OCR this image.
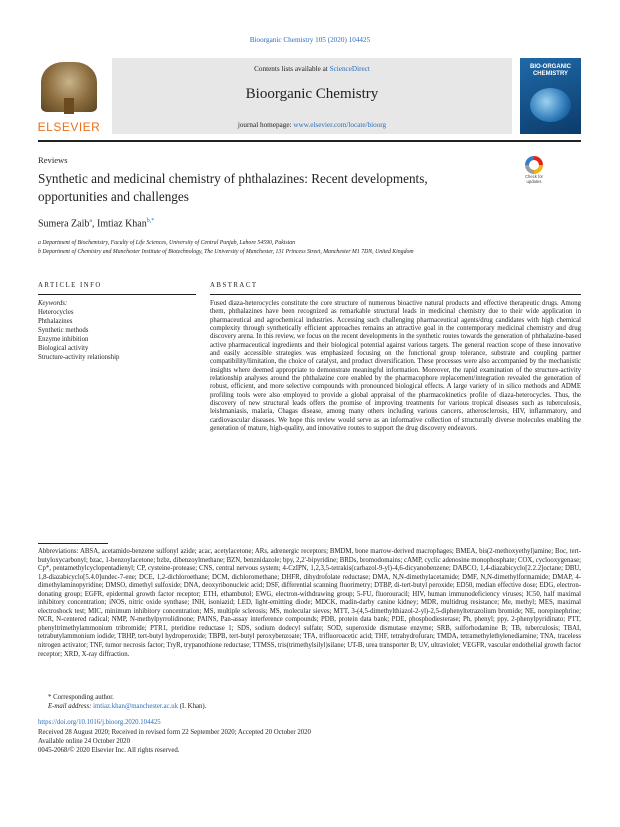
Bioorganic Chemistry 105 (2020) 104425
ELSEVIER
Contents lists available at ScienceDirect
Bioorganic Chemistry
journal homepage: www.elsevier.com/locate/bioorg
BIO-ORGANIC CHEMISTRY
Reviews
Synthetic and medicinal chemistry of phthalazines: Recent developments, opportunities and challenges
Check for updates
Sumera Zaib$^a$, Imtiaz Khan$^{b,*}$
a Department of Biochemistry, Faculty of Life Sciences, University of Central Punjab, Lahore 54590, Pakistan
b Department of Chemistry and Manchester Institute of Biotechnology, The University of Manchester, 131 Princess Street, Manchester M1 7DN, United Kingdom
ARTICLE INFO	ABSTRACT
Keywords:
Heterocycles
Phthalazines
Synthetic methods
Enzyme inhibition
Biological activity
Structure-activity relationship
Fused diaza-heterocycles constitute the core structure of numerous bioactive natural products and effective therapeutic drugs. Among them, phthalazines have been recognized as remarkable structural leads in medicinal chemistry due to their wide application in pharmaceutical and agrochemical industries. Accessing such challenging pharmaceutical agents/drug candidates with high chemical complexity through synthetically efficient approaches remains an attractive goal in the contemporary medicinal chemistry and drug discovery arena. In this review, we focus on the recent developments in the synthetic routes towards the generation of phthalazine-based active pharmaceutical ingredients and their biological potential against various targets. The general reaction scope of these innovative and easily accessible strategies was emphasized focusing on the functional group tolerance, substrate and coupling partner compatibility/limitation, the choice of catalyst, and product diversification. These processes were also accompanied by the mechanistic insights where deemed appropriate to demonstrate meaningful information. Moreover, the rapid examination of the structure-activity relationship analyses around the phthalazine core enabled by the pharmacophore replacement/integration revealed the generation of robust, efficient, and more selective compounds with pronounced biological effects. A large variety of in silico methods and ADME profiling tools were also employed to provide a global appraisal of the pharmacokinetics profile of diaza-heterocycles. Thus, the discovery of new structural leads offers the promise of improving treatments for various tropical diseases such as tuberculosis, leishmaniasis, malaria, Chagas disease, among many others including various cancers, atherosclerosis, HIV, inflammatory, and cardiovascular diseases. We hope this review would serve as an informative collection of structurally diverse molecules enabling the generation of mature, high-quality, and innovative routes to support the drug discovery endeavors.
Abbreviations: ABSA, acetamido-benzene sulfonyl azide; acac, acetylacetone; ARs, adrenergic receptors; BMDM, bone marrow-derived macrophages; BMEA, bis(2-methoxyethyl)amine; Boc, tert-butyloxycarbonyl; bzac, 1-benzoylacetone; bzbz, dibenzoylmethane; BZN, benznidazole; bpy, 2,2'-bipyridine; BRDs, bromodomains; cAMP, cyclic adenosine monophosphate; COX, cyclooxygenase; Cp*, pentamethylcyclopentadienyl; CP, cysteine-protease; CNS, central nervous system; 4-CzIPN, 1,2,3,5-tetrakis(carbazol-9-yl)-4,6-dicyanobenzene; DABCO, 1,4-diazabicyclo[2.2.2]octane; DBU, 1,8-diazabicyclo[5.4.0]undec-7-ene; DCE, 1,2-dichloroethane; DCM, dichloromethane; DHFR, dihydrofolate reductase; DMA, N,N-dimethylacetamide; DMF, N,N-dimethylformamide; DMAP, 4-dimethylaminopyridine; DMSO, dimethyl sulfoxide; DNA, deoxyribonucleic acid; DSF, differential scanning fluorimetry; DTBP, di-tert-butyl peroxide; ED50, median effective dose; EDG, electron-donating group; EGFR, epidermal growth factor receptor; ETH, ethambutol; EWG, electron-withdrawing group; 5-FU, fluorouracil; HIV, human immunodeficiency viruses; IC50, half maximal inhibitory concentration; iNOS, nitric oxide synthase; INH, isoniazid; LED, light-emitting diode; MDCK, madin-darby canine kidney; MDR, multidrug resistance; Me, methyl; MES, maximal electroshock test; MIC, minimum inhibitory concentration; MS, multiple sclerosis; MS, molecular sieves; MTT, 3-(4,5-dimethylthiazol-2-yl)-2,5-diphenyltetrazolium bromide; NE, norepinephrine; NCR, N-centered radical; NMP, N-methylpyrrolidinone; PAINS, Pan-assay interference compounds; PDB, protein data bank; PDE, phosphodiesterase; Ph, phenyl; ppy, 2-phenylpyridinato; PTT, phenyltrimethylammonium tribromide; PTR1, pteridine reductase 1; SDS, sodium dodecyl sulfate; SOD, superoxide dismutase enzyme; SRB, sulforhodamine B; TB, tuberculosis; TBAI, tetrabutylammonium iodide; TBHP, tert-butyl hydroperoxide; TBPB, tert-butyl peroxybenzoate; TFA, trifluoroacetic acid; THF, tetrahydrofuran; TMDA, tetramethylethylenediamine; TNA, traceless nitrogen activator; TNF, tumor necrosis factor; TryR, trypanothione reductase; TTMSS, tris(trimethylsilyl)silane; UT-B, urea transporter B; UV, ultraviolet; VEGFR, vascular endothelial growth factor receptor; XRD, X-ray diffraction.
* Corresponding author.
E-mail address: imtiaz.khan@manchester.ac.uk (I. Khan).
https://doi.org/10.1016/j.bioorg.2020.104425
Received 28 August 2020; Received in revised form 22 September 2020; Accepted 20 October 2020
Available online 24 October 2020
0045-2068/© 2020 Elsevier Inc. All rights reserved.
